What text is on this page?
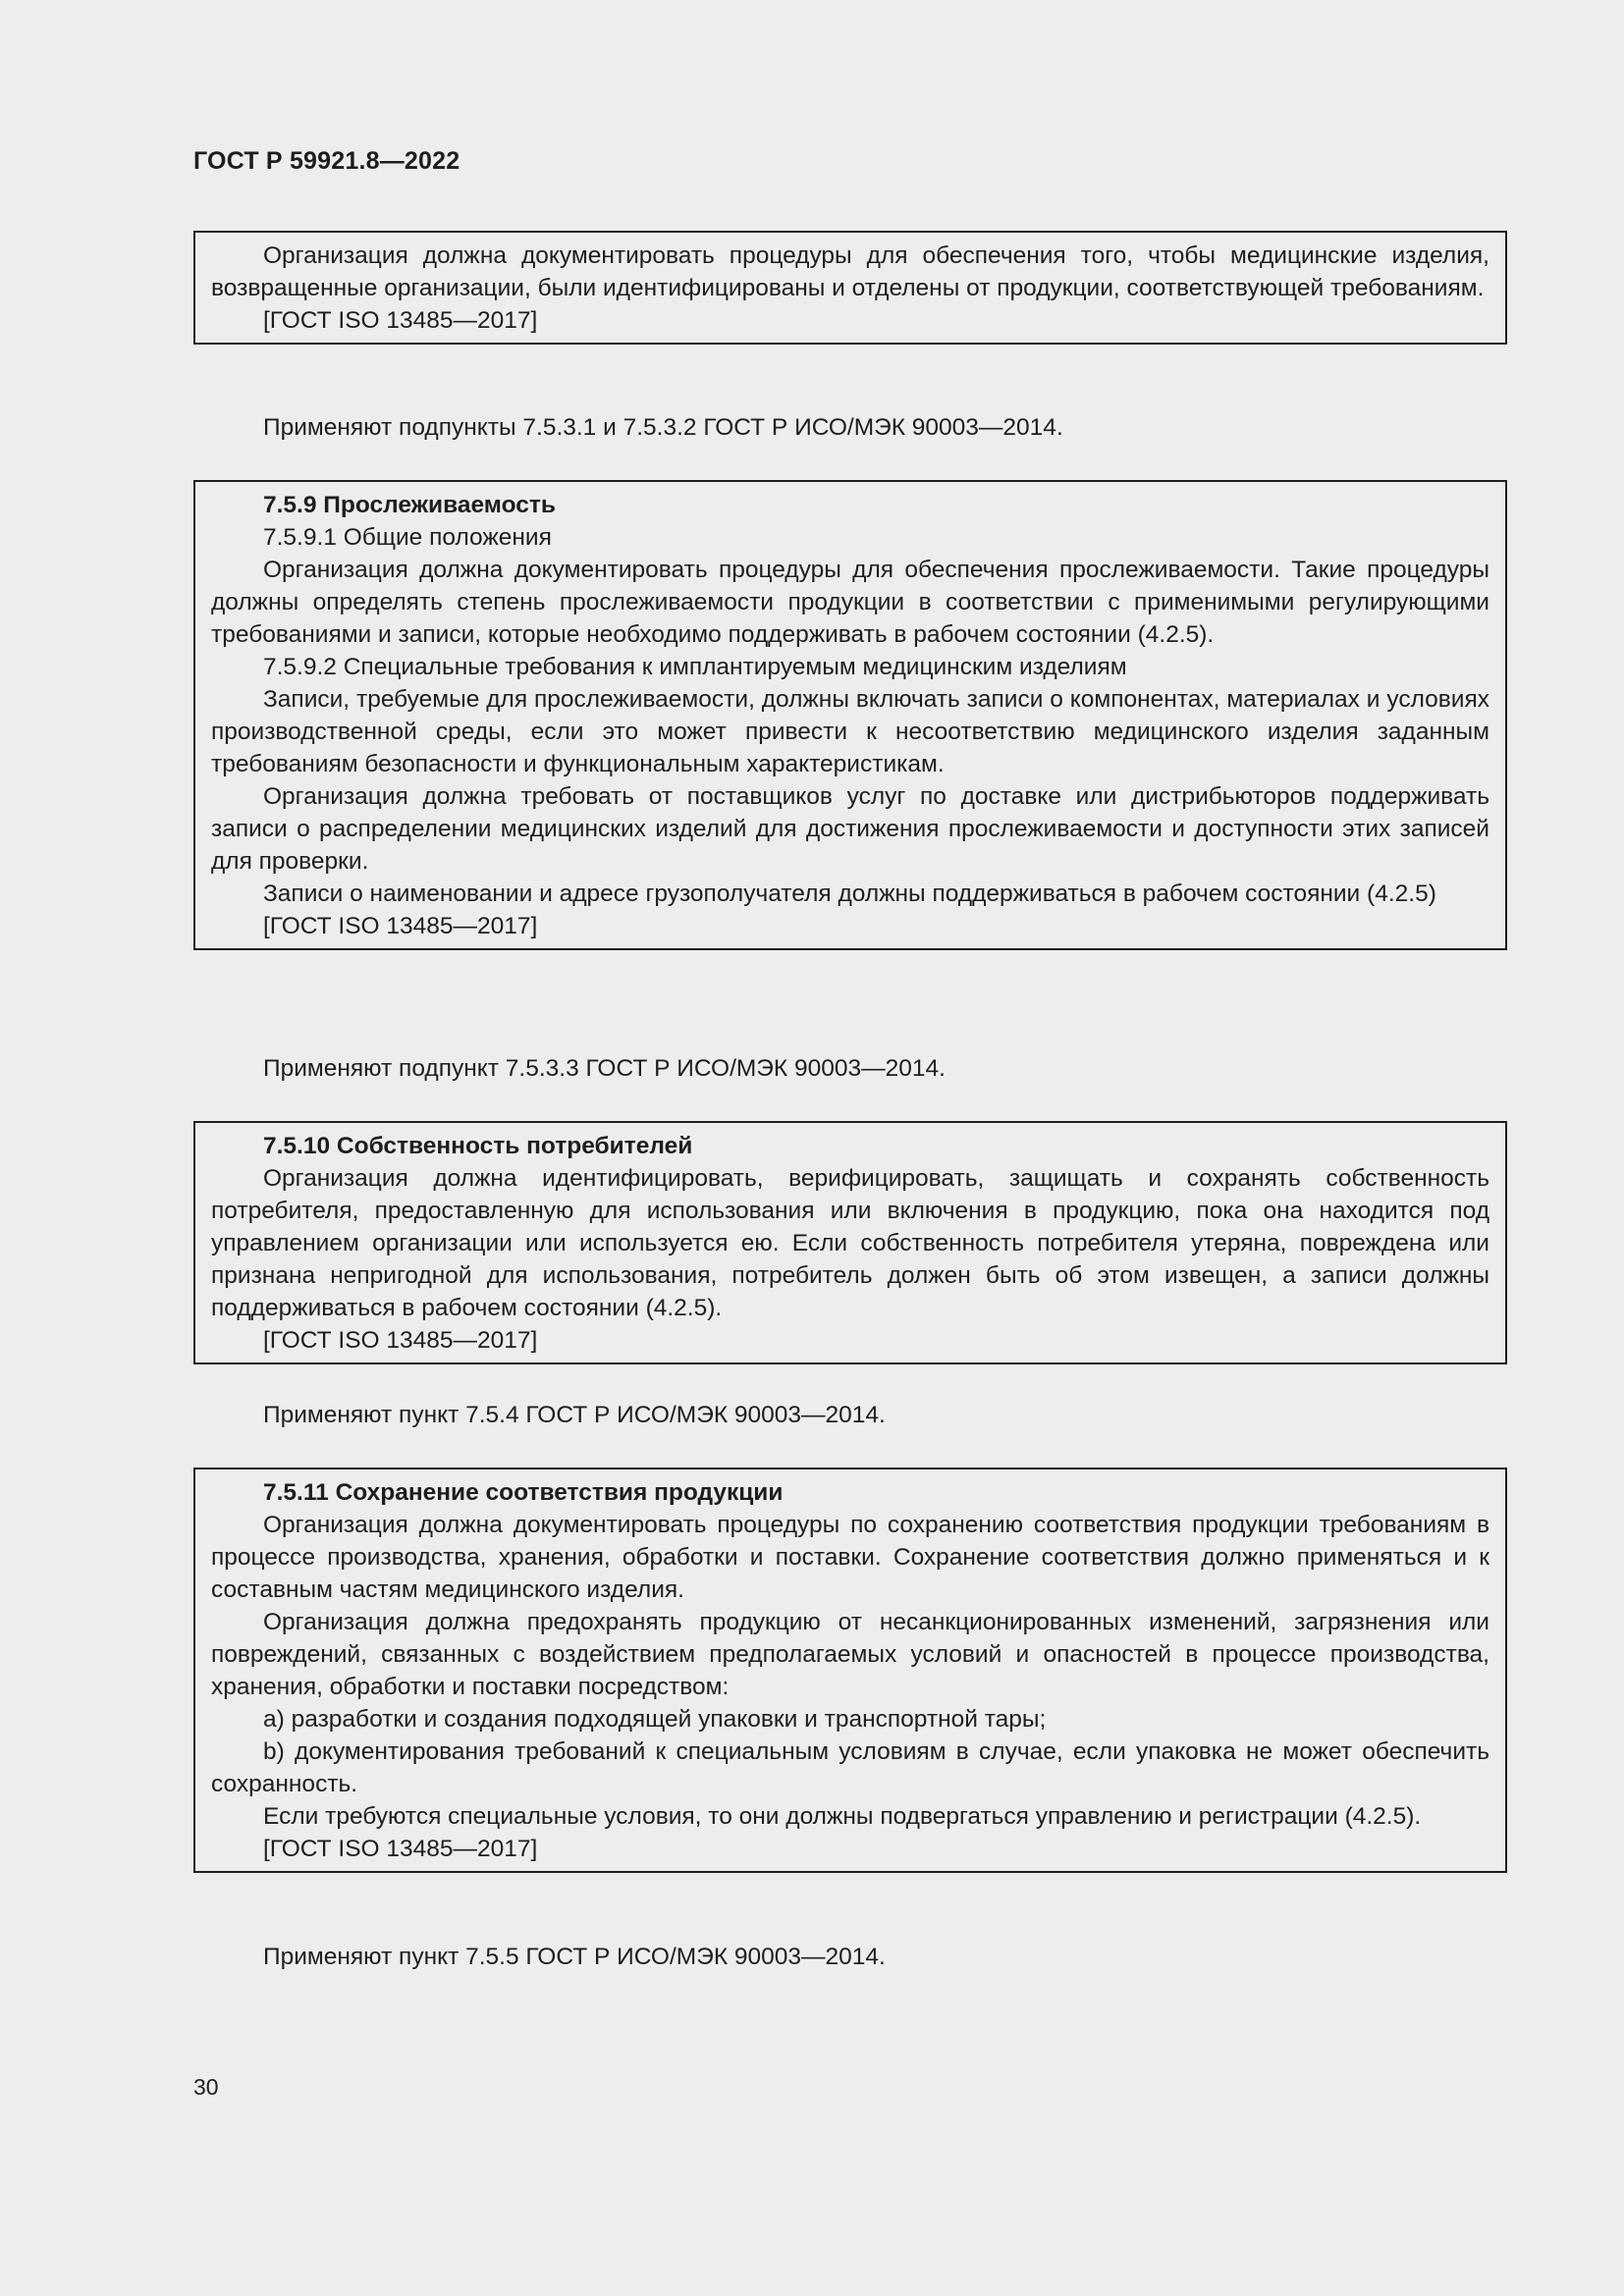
ГОСТ Р 59921.8—2022

Организация должна документировать процедуры для обеспечения того, чтобы медицинские изделия, возвращенные организации, были идентифицированы и отделены от продукции, соответствующей требованиям.

[ГОСТ ISO 13485—2017]

Применяют подпункты 7.5.3.1 и 7.5.3.2 ГОСТ Р ИСО/МЭК 90003—2014.

7.5.9 Прослеживаемость

7.5.9.1 Общие положения

Организация должна документировать процедуры для обеспечения прослеживаемости. Такие процедуры должны определять степень прослеживаемости продукции в соответствии с применимыми регулирующими требованиями и записи, которые необходимо поддерживать в рабочем состоянии (4.2.5).

7.5.9.2 Специальные требования к имплантируемым медицинским изделиям

Записи, требуемые для прослеживаемости, должны включать записи о компонентах, материалах и условиях производственной среды, если это может привести к несоответствию медицинского изделия заданным требованиям безопасности и функциональным характеристикам.

Организация должна требовать от поставщиков услуг по доставке или дистрибьюторов поддерживать записи о распределении медицинских изделий для достижения прослеживаемости и доступности этих записей для проверки.

Записи о наименовании и адресе грузополучателя должны поддерживаться в рабочем состоянии (4.2.5)

[ГОСТ ISO 13485—2017]

Применяют подпункт 7.5.3.3 ГОСТ Р ИСО/МЭК 90003—2014.

7.5.10 Собственность потребителей

Организация должна идентифицировать, верифицировать, защищать и сохранять собственность потребителя, предоставленную для использования или включения в продукцию, пока она находится под управлением организации или используется ею. Если собственность потребителя утеряна, повреждена или признана непригодной для использования, потребитель должен быть об этом извещен, а записи должны поддерживаться в рабочем состоянии (4.2.5).

[ГОСТ ISO 13485—2017]

Применяют пункт 7.5.4 ГОСТ Р ИСО/МЭК 90003—2014.

7.5.11 Сохранение соответствия продукции

Организация должна документировать процедуры по сохранению соответствия продукции требованиям в процессе производства, хранения, обработки и поставки. Сохранение соответствия должно применяться и к составным частям медицинского изделия.

Организация должна предохранять продукцию от несанкционированных изменений, загрязнения или повреждений, связанных с воздействием предполагаемых условий и опасностей в процессе производства, хранения, обработки и поставки посредством:

a) разработки и создания подходящей упаковки и транспортной тары;

b) документирования требований к специальным условиям в случае, если упаковка не может обеспечить сохранность.

Если требуются специальные условия, то они должны подвергаться управлению и регистрации (4.2.5).

[ГОСТ ISO 13485—2017]

Применяют пункт 7.5.5 ГОСТ Р ИСО/МЭК 90003—2014.
30
